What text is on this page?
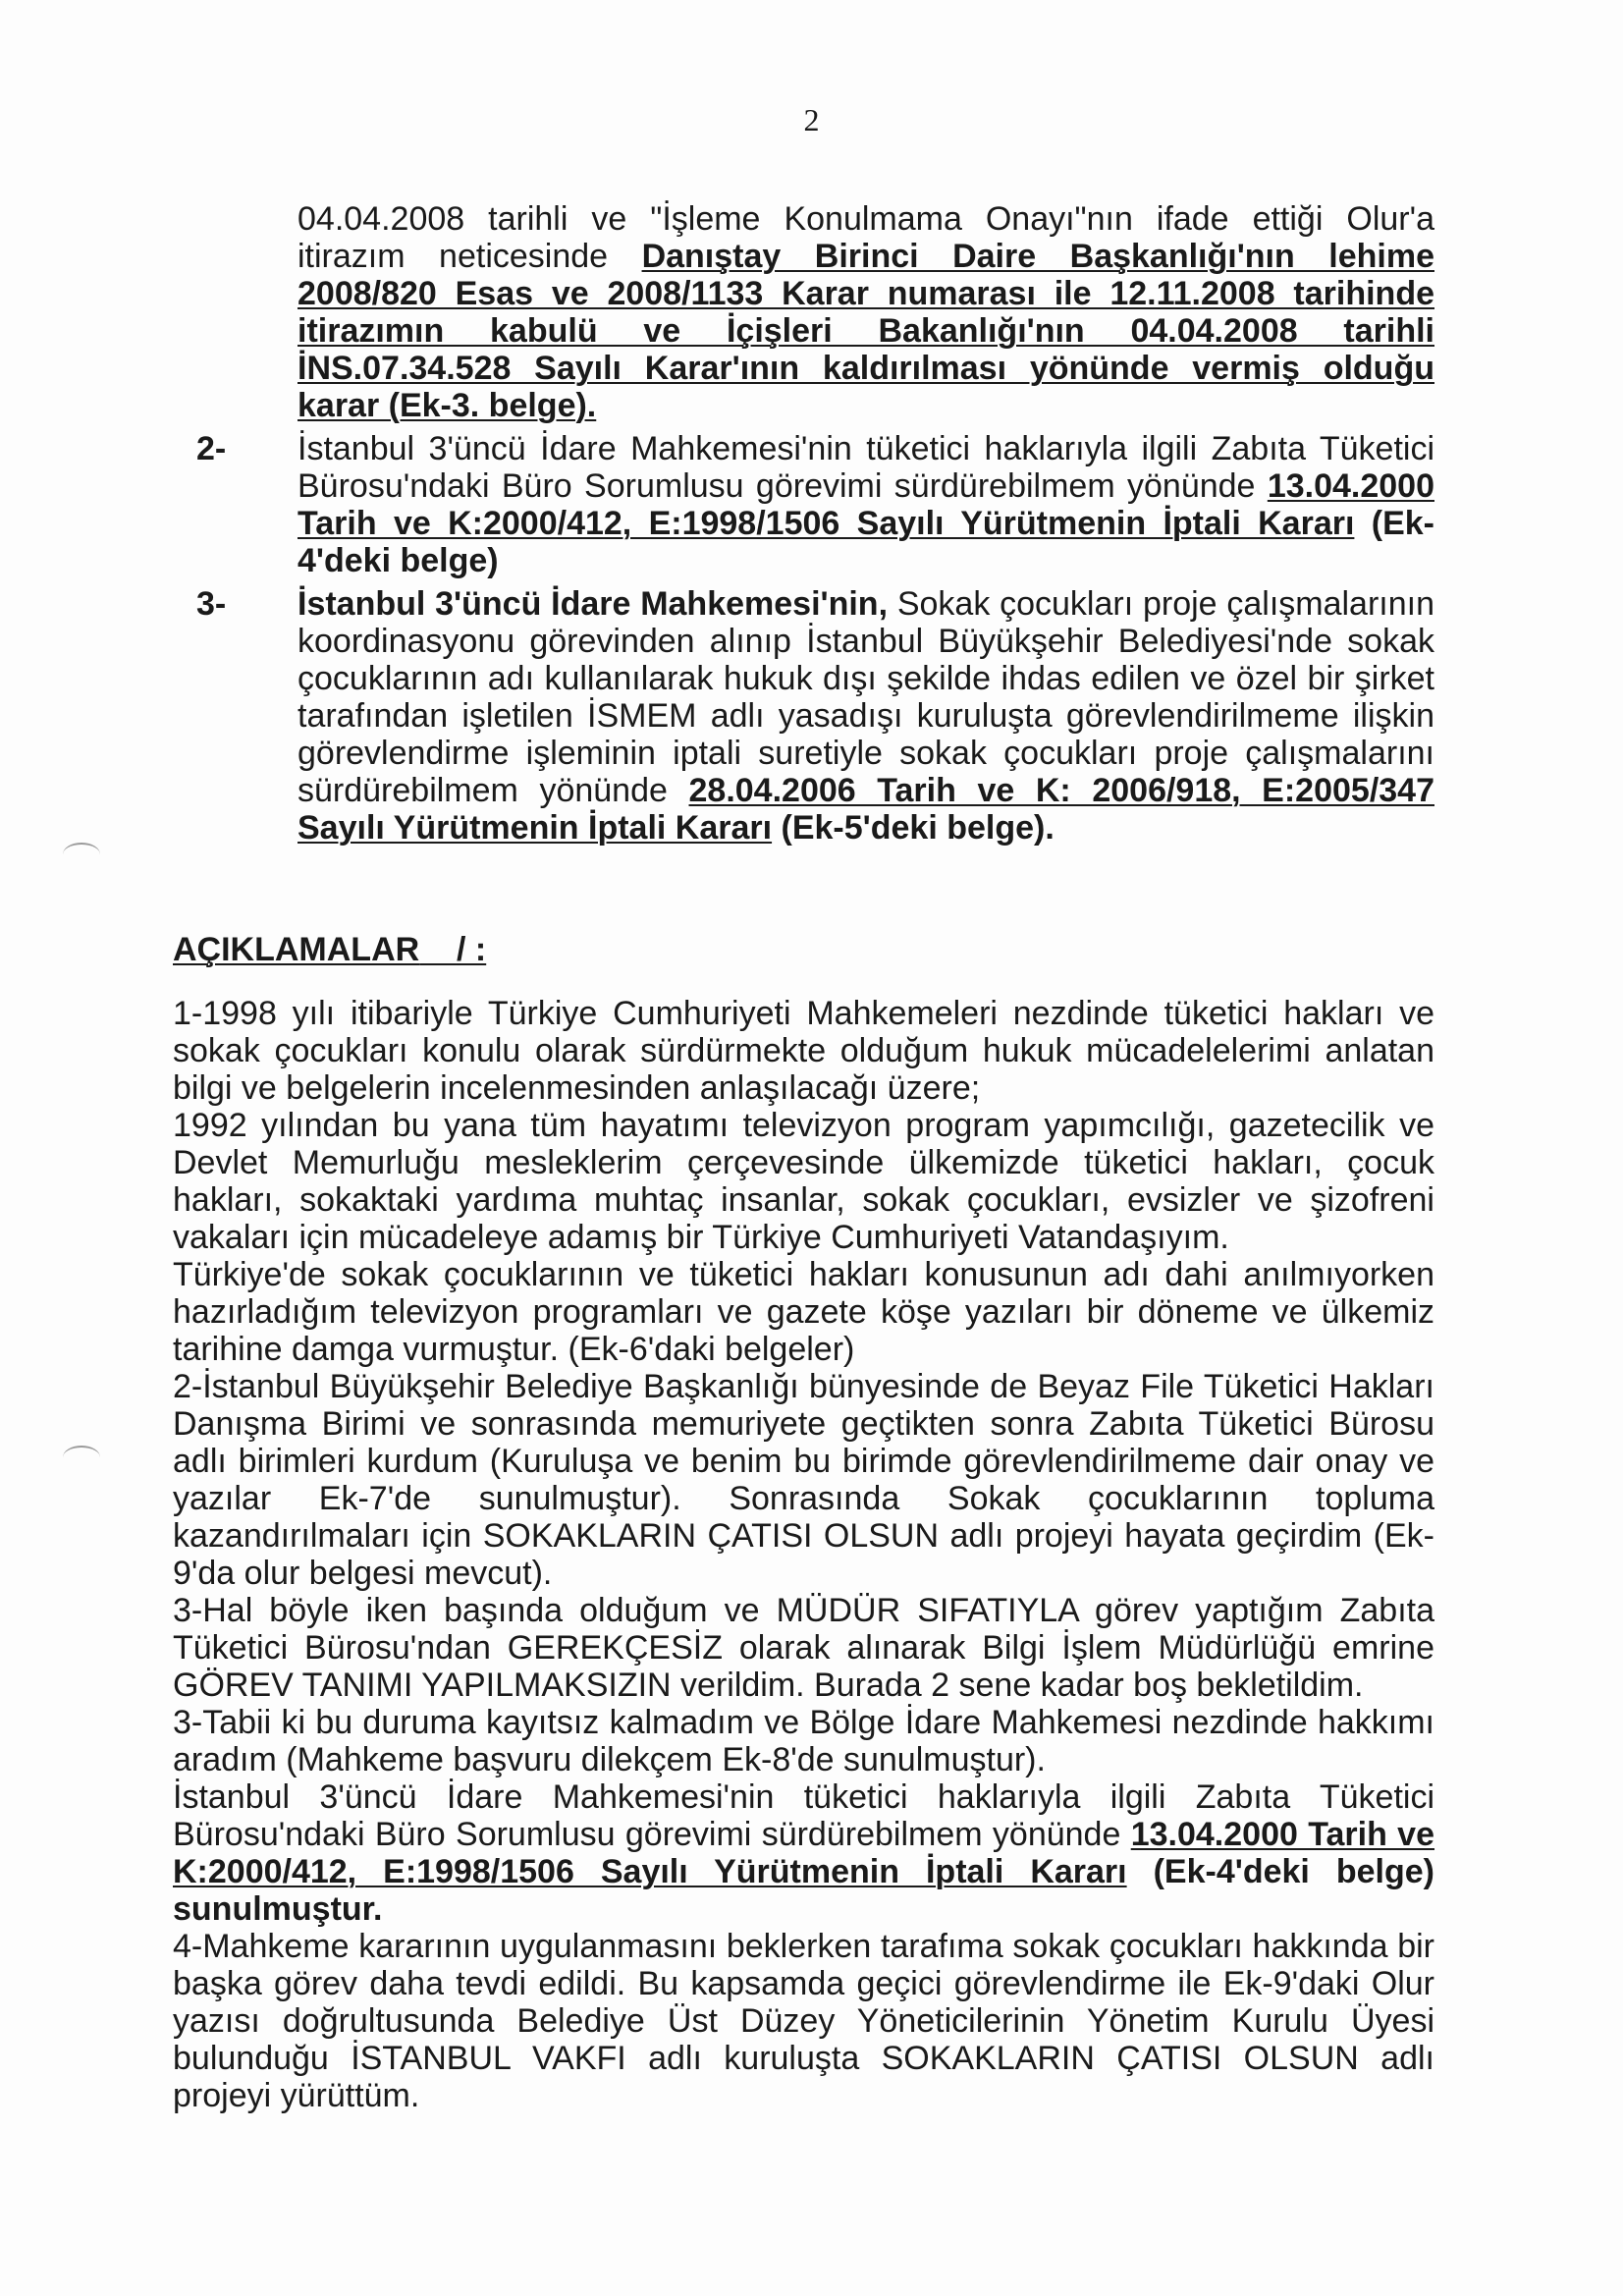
2
04.04.2008 tarihli ve "İşleme Konulmama Onayı"nın ifade ettiği Olur'a itirazım neticesinde Danıştay Birinci Daire Başkanlığı'nın lehime 2008/820 Esas ve 2008/1133 Karar numarası ile 12.11.2008 tarihinde itirazımın kabulü ve İçişleri Bakanlığı'nın 04.04.2008 tarihli İNS.07.34.528 Sayılı Karar'ının kaldırılması yönünde vermiş olduğu karar (Ek-3. belge).
2- İstanbul 3'üncü İdare Mahkemesi'nin tüketici haklarıyla ilgili Zabıta Tüketici Bürosu'ndaki Büro Sorumlusu görevimi sürdürebilmem yönünde 13.04.2000 Tarih ve K:2000/412, E:1998/1506 Sayılı Yürütmenin İptali Kararı (Ek-4'deki belge)
3- İstanbul 3'üncü İdare Mahkemesi'nin, Sokak çocukları proje çalışmalarının koordinasyonu görevinden alınıp İstanbul Büyükşehir Belediyesi'nde sokak çocuklarının adı kullanılarak hukuk dışı şekilde ihdas edilen ve özel bir şirket tarafından işletilen İSMEM adlı yasadışı kuruluşta görevlendirilmeme ilişkin görevlendirme işleminin iptali suretiyle sokak çocukları proje çalışmalarını sürdürebilmem yönünde 28.04.2006 Tarih ve K: 2006/918, E:2005/347 Sayılı Yürütmenin İptali Kararı (Ek-5'deki belge).
AÇIKLAMALAR / :

1-1998 yılı itibariyle Türkiye Cumhuriyeti Mahkemeleri nezdinde tüketici hakları ve sokak çocukları konulu olarak sürdürmekte olduğum hukuk mücadelelerimi anlatan bilgi ve belgelerin incelenmesinden anlaşılacağı üzere;

1992 yılından bu yana tüm hayatımı televizyon program yapımcılığı, gazetecilik ve Devlet Memurluğu mesleklerim çerçevesinde ülkemizde tüketici hakları, çocuk hakları, sokaktaki yardıma muhtaç insanlar, sokak çocukları, evsizler ve şizofreni vakaları için mücadeleye adamış bir Türkiye Cumhuriyeti Vatandaşıyım.

Türkiye'de sokak çocuklarının ve tüketici hakları konusunun adı dahi anılmıyorken hazırladığım televizyon programları ve gazete köşe yazıları bir döneme ve ülkemiz tarihine damga vurmuştur. (Ek-6'daki belgeler)

2-İstanbul Büyükşehir Belediye Başkanlığı bünyesinde de Beyaz File Tüketici Hakları Danışma Birimi ve sonrasında memuriyete geçtikten sonra Zabıta Tüketici Bürosu adlı birimleri kurdum (Kuruluşa ve benim bu birimde görevlendirilmeme dair onay ve yazılar Ek-7'de sunulmuştur). Sonrasında Sokak çocuklarının topluma kazandırılmaları için SOKAKLARIN ÇATISI OLSUN adlı projeyi hayata geçirdim (Ek-9'da olur belgesi mevcut).

3-Hal böyle iken başında olduğum ve MÜDÜR SIFATIYLA görev yaptığım Zabıta Tüketici Bürosu'ndan GEREKÇESİZ olarak alınarak Bilgi İşlem Müdürlüğü emrine GÖREV TANIMI YAPILMAKSIZIN verildim. Burada 2 sene kadar boş bekletildim.

3-Tabii ki bu duruma kayıtsız kalmadım ve Bölge İdare Mahkemesi nezdinde hakkımı aradım (Mahkeme başvuru dilekçem Ek-8'de sunulmuştur).

İstanbul 3'üncü İdare Mahkemesi'nin tüketici haklarıyla ilgili Zabıta Tüketici Bürosu'ndaki Büro Sorumlusu görevimi sürdürebilmem yönünde 13.04.2000 Tarih ve K:2000/412, E:1998/1506 Sayılı Yürütmenin İptali Kararı (Ek-4'deki belge) sunulmuştur.

4-Mahkeme kararının uygulanmasını beklerken tarafıma sokak çocukları hakkında bir başka görev daha tevdi edildi. Bu kapsamda geçici görevlendirme ile Ek-9'daki Olur yazısı doğrultusunda Belediye Üst Düzey Yöneticilerinin Yönetim Kurulu Üyesi bulunduğu İSTANBUL VAKFI adlı kuruluşta SOKAKLARIN ÇATISI OLSUN adlı projeyi yürüttüm.
